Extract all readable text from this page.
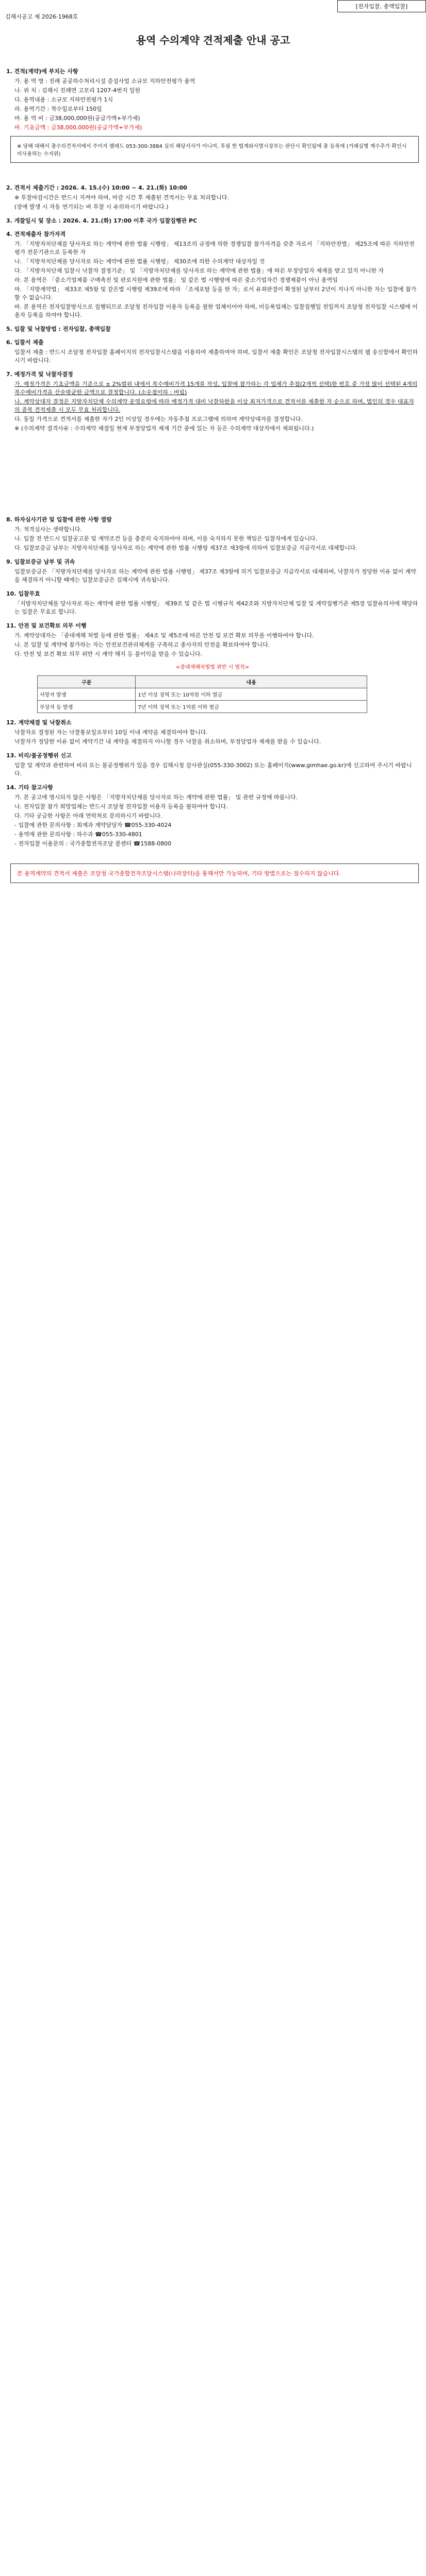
[전자입찰, 총액입찰]
김해시공고 제 2026-1968호
용역 수의계약 견적제출 안내 공고
1. 견적(계약)에 부치는 사항
가. 용 역 명 : 진례 공공하수처리시설 증설사업 소규모 지하안전평가 용역
나. 위 치 : 김해시 진례면 고모리 1207-4번지 일원
다. 용역내용 : 소규모 지하안전평가 1식
라. 용역기간 : 착수일로부터 150일
마. 용 역 비 : 금38,000,000원(공급가액+부가세)
바. 기초금액 : 금38,000,000원(공급가액+부가세)
※ 당해 대해서 총수의견적서에서 주어지 펠레드 053-300-3884 실의 해당서사가 아니여, 후필 한 법계와사멸시장부는 판단시 확인됨에 총 등록에 (거래실행 계수추가 확인시 미사용하는 수지위)
2. 견적서 제출기간 : 2026. 4. 15.(수) 10:00 ~ 4. 21.(화) 10:00
※ 투찰마감시간은 반드시 지켜야 하며, 마감 시간 후 제출된 견적서는 무효 처리합니다.
(장애 발생 시 자동 연기되는 바 투찰 시 유의하시기 바랍니다.)
3. 개찰일시 및 장소 : 2026. 4. 21.(화) 17:00 이후 국가 입찰집행관 PC
4. 견적제출자 참가자격
가. 「지방자치단체를 당사자로 하는 계약에 관한 법률 시행령」 제13조의 규정에 의한 경쟁입찰 참가자격을 갖춘 자로서 「지하안전법」 제25조에 따른 지하안전평가 전문기관으로 등록한 자
나. 「지방자치단체를 당사자로 하는 계약에 관한 법률 시행령」 제30조에 의한 수의계약 대상자일 것
다. 「지방자치단체 입찰시 낙찰자 결정기준」 및 「지방자치단체를 당사자로 하는 계약에 관한 법률」에 따른 부정당업자 제재를 받고 있지 아니한 자
라. 본 용역은 「중소기업제품 구매촉진 및 판로지원에 관한 법률」 및 같은 법 시행령에 따른 중소기업자간 경쟁제품이 아닌 용역임
마. 「지방계약법」 제33조 제5항 및 같은법 시행령 제39조에 따라 「조세포탈 등을 한 자」로서 유죄판결이 확정된 날부터 2년이 지나지 아니한 자는 입찰에 참가할 수 없습니다.
바. 본 용역은 전자입찰방식으로 집행되므로 조달청 전자입찰 이용자 등록을 필한 업체이어야 하며, 미등록업체는 입찰집행일 전일까지 조달청 전자입찰 시스템에 이용자 등록을 하여야 합니다.
5. 입찰 및 낙찰방법 : 전자입찰, 총액입찰
6. 입찰서 제출
입찰서 제출 : 반드시 조달청 전자입찰 홈페이지의 전자입찰시스템을 이용하여 제출하여야 하며, 입찰서 제출 확인은 조달청 전자입찰시스템의 웹 송신함에서 확인하시기 바랍니다.
7. 예정가격 및 낙찰자결정
가. 예정가격은 기초금액을 기준으로 ± 2%범위 내에서 복수예비가격 15개를 작성, 입찰에 참가하는 각 업체가 추첨(2개씩 선택)한 번호 중 가장 많이 선택된 4개의 복수예비가격을 산술평균한 금액으로 결정합니다. (소숫점이하 : 버림)
나. 계약상대자 결정은 지방자치단체 수의계약 운영요령에 따라 예정가격 대비 낙찰하한율 이상 최저가격으로 견적서를 제출한 자 순으로 하며, 법인의 경우 대표자의 중복 견적제출 시 모두 무효 처리합니다.
다. 동일 가격으로 견적서를 제출한 자가 2인 이상일 경우에는 자동추첨 프로그램에 의하여 계약상대자를 결정합니다.
※ (수의계약 결격사유 : 수의계약 체결일 현재 부정당업자 제재 기간 중에 있는 자 등은 수의계약 대상자에서 제외됩니다.)
8. 하자심사기관 및 입찰에 관한 사항 열람
가. 적격심사는 생략합니다.
나. 입찰 전 반드시 입찰공고문 및 계약조건 등을 충분히 숙지하여야 하며, 이를 숙지하지 못한 책임은 입찰자에게 있습니다.
다. 입찰보증금 납부는 지방자치단체를 당사자로 하는 계약에 관한 법률 시행령 제37조 제3항에 의하여 입찰보증금 지급각서로 대체합니다.
9. 입찰보증금 납부 및 귀속
입찰보증금은 「지방자치단체를 당사자로 하는 계약에 관한 법률 시행령」 제37조 제3항에 의거 입찰보증금 지급각서로 대체하며, 낙찰자가 정당한 이유 없이 계약을 체결하지 아니할 때에는 입찰보증금은 김해시에 귀속됩니다.
10. 입찰무효
「지방자치단체를 당사자로 하는 계약에 관한 법률 시행령」 제39조 및 같은 법 시행규칙 제42조와 지방자치단체 입찰 및 계약집행기준 제5장 입찰유의서에 해당하는 입찰은 무효로 합니다.
11. 안전 및 보건확보 의무 이행
가. 계약상대자는 「중대재해 처벌 등에 관한 법률」 제4조 및 제5조에 따른 안전 및 보건 확보 의무를 이행하여야 합니다.
나. 본 입찰 및 계약에 참가하는 자는 안전보건관리체계를 구축하고 종사자의 안전을 확보하여야 합니다.
다. 안전 및 보건 확보 의무 위반 시 계약 해지 등 불이익을 받을 수 있습니다.
<중대재해처벌법 위반 시 벌칙>
구분	내용
사망자 발생	1년 이상 징역 또는 10억원 이하 벌금
부상자 등 발생	7년 이하 징역 또는 1억원 이하 벌금
12. 계약체결 및 낙찰취소
낙찰자로 결정된 자는 낙찰통보일로부터 10일 이내 계약을 체결하여야 합니다.
낙찰자가 정당한 이유 없이 계약기간 내 계약을 체결하지 아니할 경우 낙찰을 취소하며, 부정당업자 제재를 받을 수 있습니다.
13. 비리/불공정행위 신고
입찰 및 계약과 관련하여 비리 또는 불공정행위가 있을 경우 김해시청 감사관실(055-330-3002) 또는 홈페이지(www.gimhae.go.kr)에 신고하여 주시기 바랍니다.
14. 기타 참고사항
가. 본 공고에 명시되지 않은 사항은 「지방자치단체를 당사자로 하는 계약에 관한 법률」 및 관련 규정에 따릅니다.
나. 전자입찰 참가 희망업체는 반드시 조달청 전자입찰 이용자 등록을 필하여야 합니다.
다. 기타 궁금한 사항은 아래 연락처로 문의하시기 바랍니다.
- 입찰에 관한 문의사항 : 회계과 계약담당자 ☎055-330-4024
- 용역에 관한 문의사항 : 하수과 ☎055-330-4801
- 전자입찰 이용문의 : 국가종합전자조달 콜센터 ☎1588-0800
본 용역계약의 견적서 제출은 조달청 국가종합전자조달시스템(나라장터)을 통해서만 가능하며, 기타 방법으로는 접수하지 않습니다.
